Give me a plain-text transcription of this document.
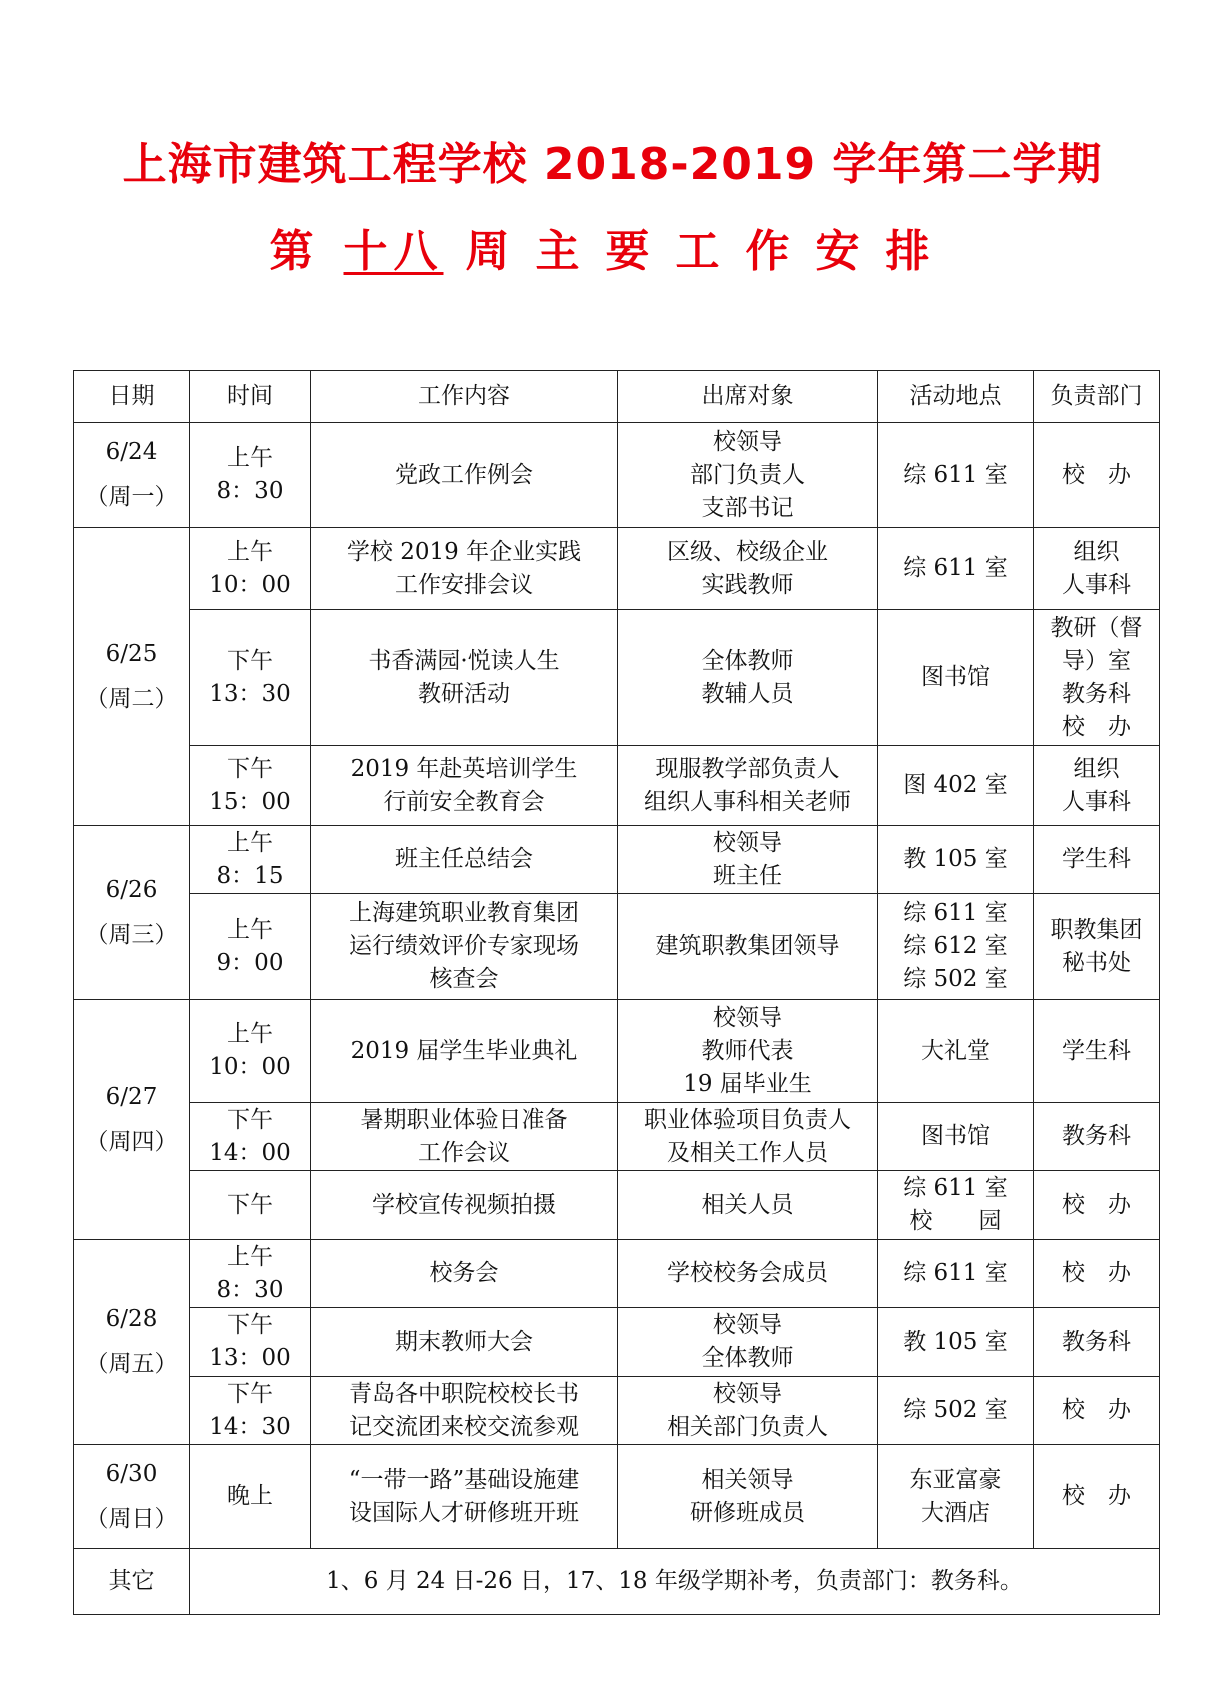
上海市建筑工程学校 2018-2019 学年第二学期
第十八 周主要工作安排
日期	时间	工作内容	出席对象	活动地点	负责部门

6/24
（周一）	上午
8：30	党政工作例会	校领导
部门负责人
支部书记	综 611 室	校　办

6/25
（周二）	上午
10：00	学校 2019 年企业实践
工作安排会议	区级、校级企业
实践教师	综 611 室	组织
人事科

	下午
13：30	书香满园·悦读人生
教研活动	全体教师
教辅人员	图书馆	教研（督
导）室
教务科
校　办

	下午
15：00	2019 年赴英培训学生
行前安全教育会	现服教学部负责人
组织人事科相关老师	图 402 室	组织
人事科

6/26
（周三）	上午
8：15	班主任总结会	校领导
班主任	教 105 室	学生科

	上午
9：00	上海建筑职业教育集团
运行绩效评价专家现场
核查会	建筑职教集团领导	综 611 室
综 612 室
综 502 室	职教集团
秘书处

6/27
（周四）	上午
10：00	2019 届学生毕业典礼	校领导
教师代表
19 届毕业生	大礼堂	学生科

	下午
14：00	暑期职业体验日准备
工作会议	职业体验项目负责人
及相关工作人员	图书馆	教务科

	下午	学校宣传视频拍摄	相关人员	综 611 室
校　　园	校　办

6/28
（周五）	上午
8：30	校务会	学校校务会成员	综 611 室	校　办

	下午
13：00	期末教师大会	校领导
全体教师	教 105 室	教务科

	下午
14：30	青岛各中职院校校长书
记交流团来校交流参观	校领导
相关部门负责人	综 502 室	校　办

6/30
（周日）	晚上	“一带一路”基础设施建
设国际人才研修班开班	相关领导
研修班成员	东亚富豪
大酒店	校　办

其它	1、6 月 24 日-26 日，17、18 年级学期补考，负责部门：教务科。				
